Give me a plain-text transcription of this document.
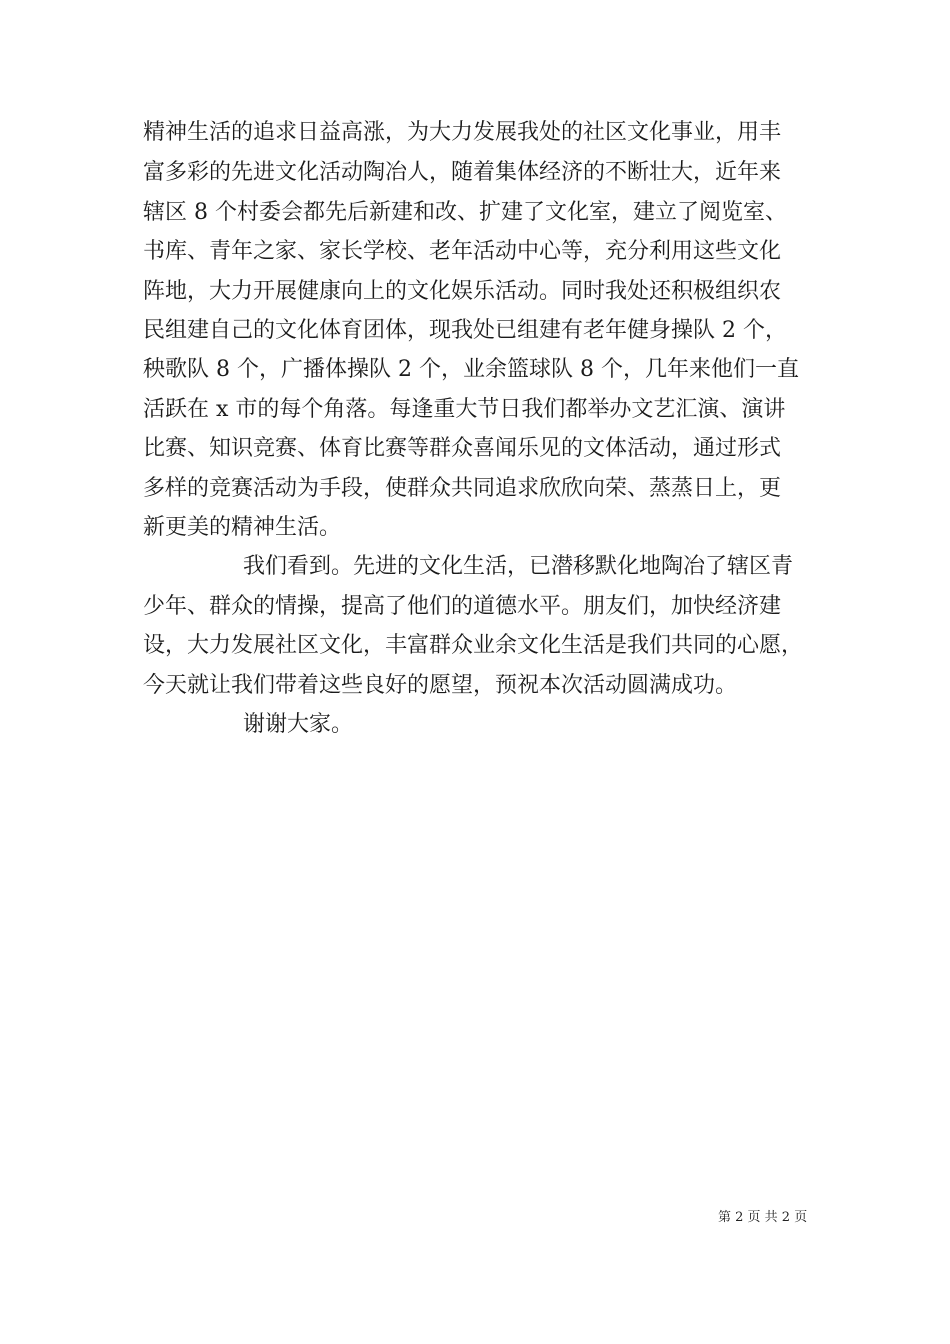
精神生活的追求日益高涨，为大力发展我处的社区文化事业，用丰
富多彩的先进文化活动陶冶人，随着集体经济的不断壮大，近年来
辖区 8 个村委会都先后新建和改、扩建了文化室，建立了阅览室、
书库、青年之家、家长学校、老年活动中心等，充分利用这些文化
阵地，大力开展健康向上的文化娱乐活动。同时我处还积极组织农
民组建自己的文化体育团体，现我处已组建有老年健身操队 2 个，
秧歌队 8 个，广播体操队 2 个，业余篮球队 8 个，几年来他们一直
活跃在 x 市的每个角落。每逢重大节日我们都举办文艺汇演、演讲
比赛、知识竞赛、体育比赛等群众喜闻乐见的文体活动，通过形式
多样的竞赛活动为手段，使群众共同追求欣欣向荣、蒸蒸日上，更
新更美的精神生活。
我们看到。先进的文化生活，已潜移默化地陶冶了辖区青
少年、群众的情操，提高了他们的道德水平。朋友们，加快经济建
设，大力发展社区文化，丰富群众业余文化生活是我们共同的心愿，
今天就让我们带着这些良好的愿望，预祝本次活动圆满成功。
谢谢大家。
第 2 页 共 2 页
